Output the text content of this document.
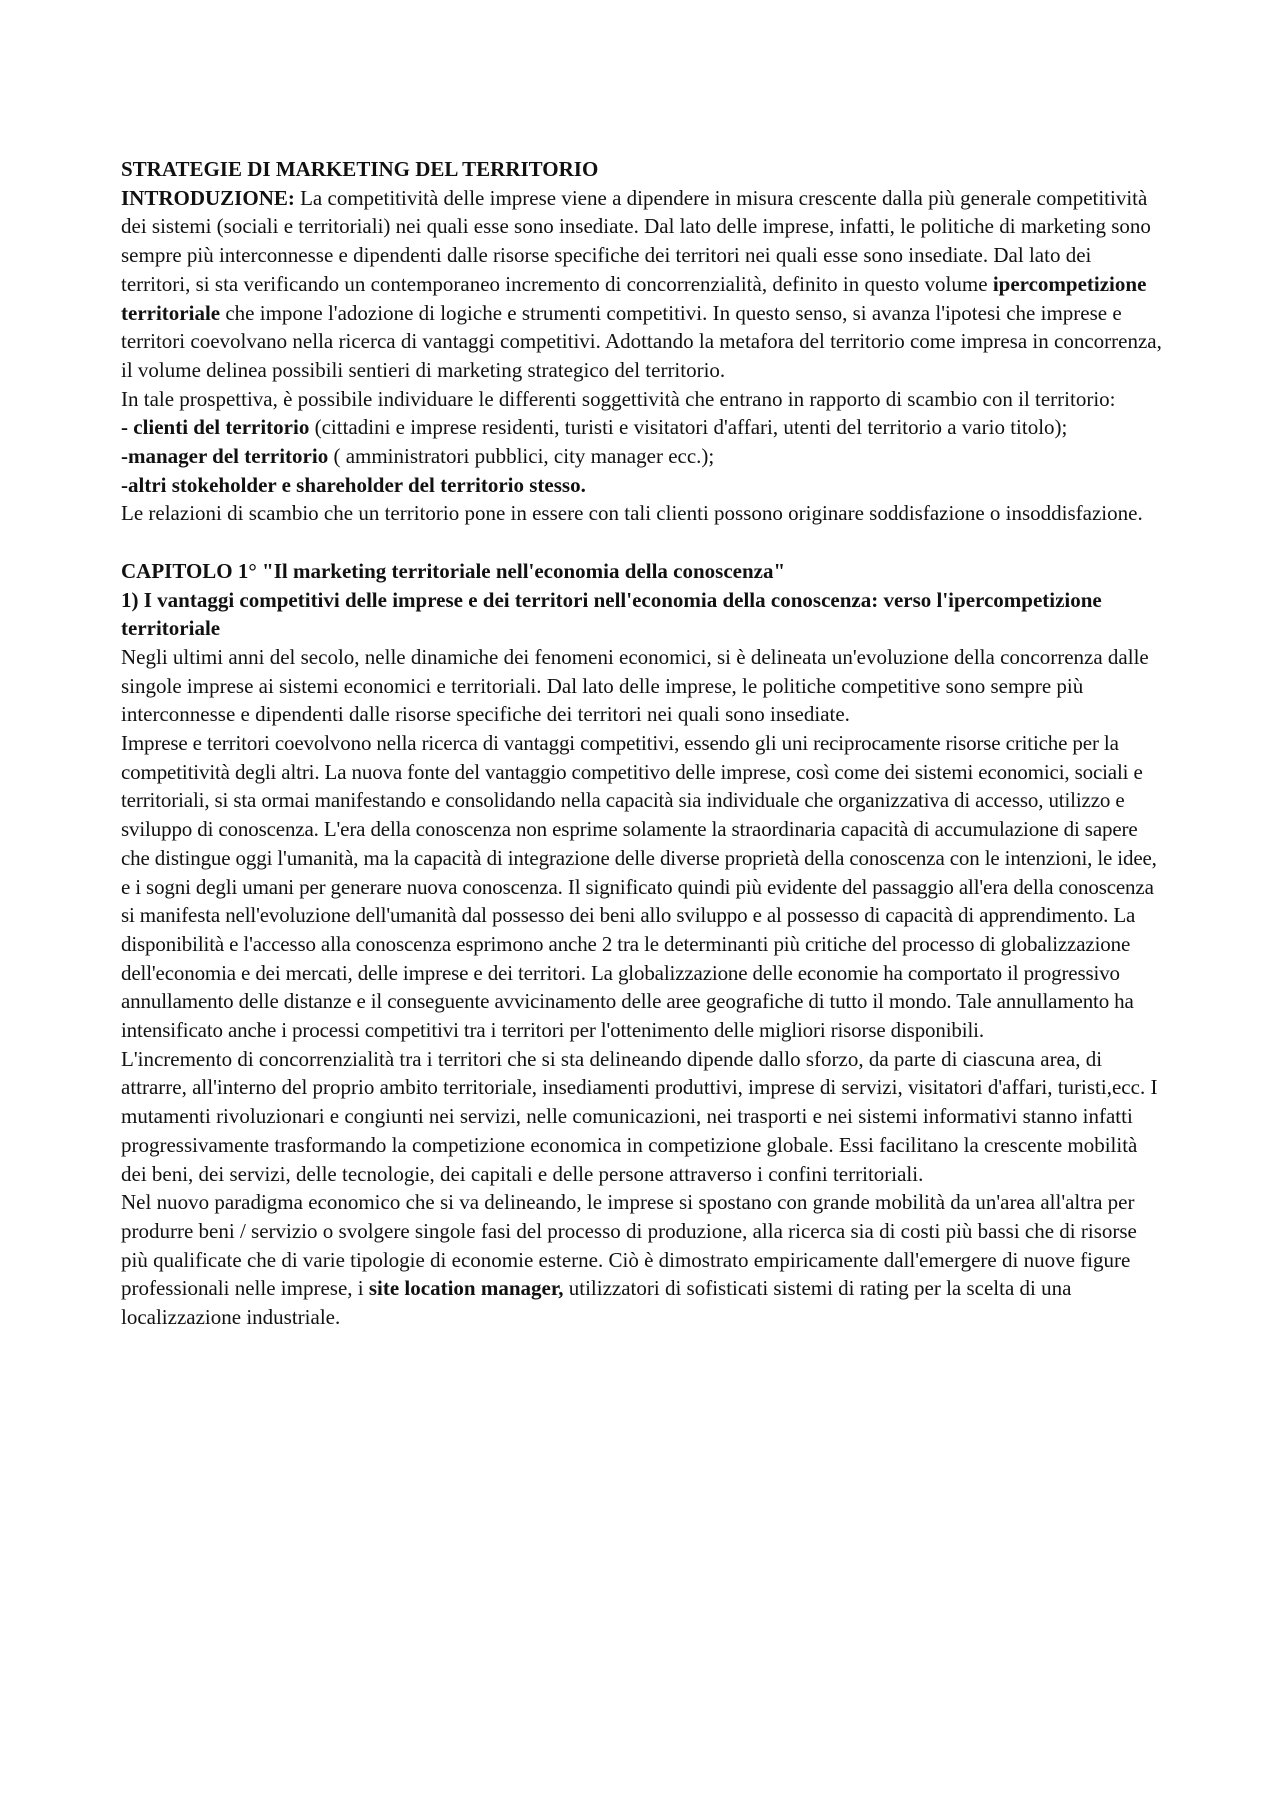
STRATEGIE DI MARKETING DEL TERRITORIO

INTRODUZIONE: La competitività delle imprese viene a dipendere in misura crescente dalla più generale competitività dei sistemi (sociali e territoriali) nei quali esse sono insediate. Dal lato delle imprese, infatti, le politiche di marketing sono sempre più interconnesse e dipendenti dalle risorse specifiche dei territori nei quali esse sono insediate. Dal lato dei territori, si sta verificando un contemporaneo incremento di concorrenzialità, definito in questo volume ipercompetizione territoriale che impone l'adozione di logiche e strumenti competitivi. In questo senso, si avanza l'ipotesi che imprese e territori coevolvano nella ricerca di vantaggi competitivi. Adottando la metafora del territorio come impresa in concorrenza, il volume delinea possibili sentieri di marketing strategico del territorio.

In tale prospettiva, è possibile individuare le differenti soggettività che entrano in rapporto di scambio con il territorio:

- clienti del territorio (cittadini e imprese residenti, turisti e visitatori d'affari, utenti del territorio a vario titolo);

-manager del territorio ( amministratori pubblici, city manager ecc.);

-altri stokeholder e shareholder del territorio stesso.

Le relazioni di scambio che un territorio pone in essere con tali clienti possono originare soddisfazione o insoddisfazione.

CAPITOLO 1° "Il marketing territoriale nell'economia della conoscenza"

1) I vantaggi competitivi delle imprese e dei territori nell'economia della conoscenza: verso l'ipercompetizione territoriale

Negli ultimi anni del secolo, nelle dinamiche dei fenomeni economici, si è delineata un'evoluzione della concorrenza dalle singole imprese ai sistemi economici e territoriali. Dal lato delle imprese, le politiche competitive sono sempre più interconnesse e dipendenti dalle risorse specifiche dei territori nei quali sono insediate.

Imprese e territori coevolvono nella ricerca di vantaggi competitivi, essendo gli uni reciprocamente risorse critiche per la competitività degli altri. La nuova fonte del vantaggio competitivo delle imprese, così come dei sistemi economici, sociali e territoriali, si sta ormai manifestando e consolidando nella capacità sia individuale che organizzativa di accesso, utilizzo e sviluppo di conoscenza. L'era della conoscenza non esprime solamente la straordinaria capacità di accumulazione di sapere che distingue oggi l'umanità, ma la capacità di integrazione delle diverse proprietà della conoscenza con le intenzioni, le idee, e i sogni degli umani per generare nuova conoscenza. Il significato quindi più evidente del passaggio all'era della conoscenza si manifesta nell'evoluzione dell'umanità dal possesso dei beni allo sviluppo e al possesso di capacità di apprendimento. La disponibilità e l'accesso alla conoscenza esprimono anche 2 tra le determinanti più critiche del processo di globalizzazione dell'economia e dei mercati, delle imprese e dei territori. La globalizzazione delle economie ha comportato il progressivo annullamento delle distanze e il conseguente avvicinamento delle aree geografiche di tutto il mondo. Tale annullamento ha intensificato anche i processi competitivi tra i territori per l'ottenimento delle migliori risorse disponibili.

L'incremento di concorrenzialità tra i territori che si sta delineando dipende dallo sforzo, da parte di ciascuna area, di attrarre, all'interno del proprio ambito territoriale, insediamenti produttivi, imprese di servizi, visitatori d'affari, turisti,ecc. I mutamenti rivoluzionari e congiunti nei servizi, nelle comunicazioni, nei trasporti e nei sistemi informativi stanno infatti progressivamente trasformando la competizione economica in competizione globale. Essi facilitano la crescente mobilità dei beni, dei servizi, delle tecnologie, dei capitali e delle persone attraverso i confini territoriali.

Nel nuovo paradigma economico che si va delineando, le imprese si spostano con grande mobilità da un'area all'altra per produrre beni / servizio o svolgere singole fasi del processo di produzione, alla ricerca sia di costi più bassi che di risorse più qualificate che di varie tipologie di economie esterne. Ciò è dimostrato empiricamente dall'emergere di nuove figure professionali nelle imprese, i site location manager, utilizzatori di sofisticati sistemi di rating per la scelta di una localizzazione industriale.
